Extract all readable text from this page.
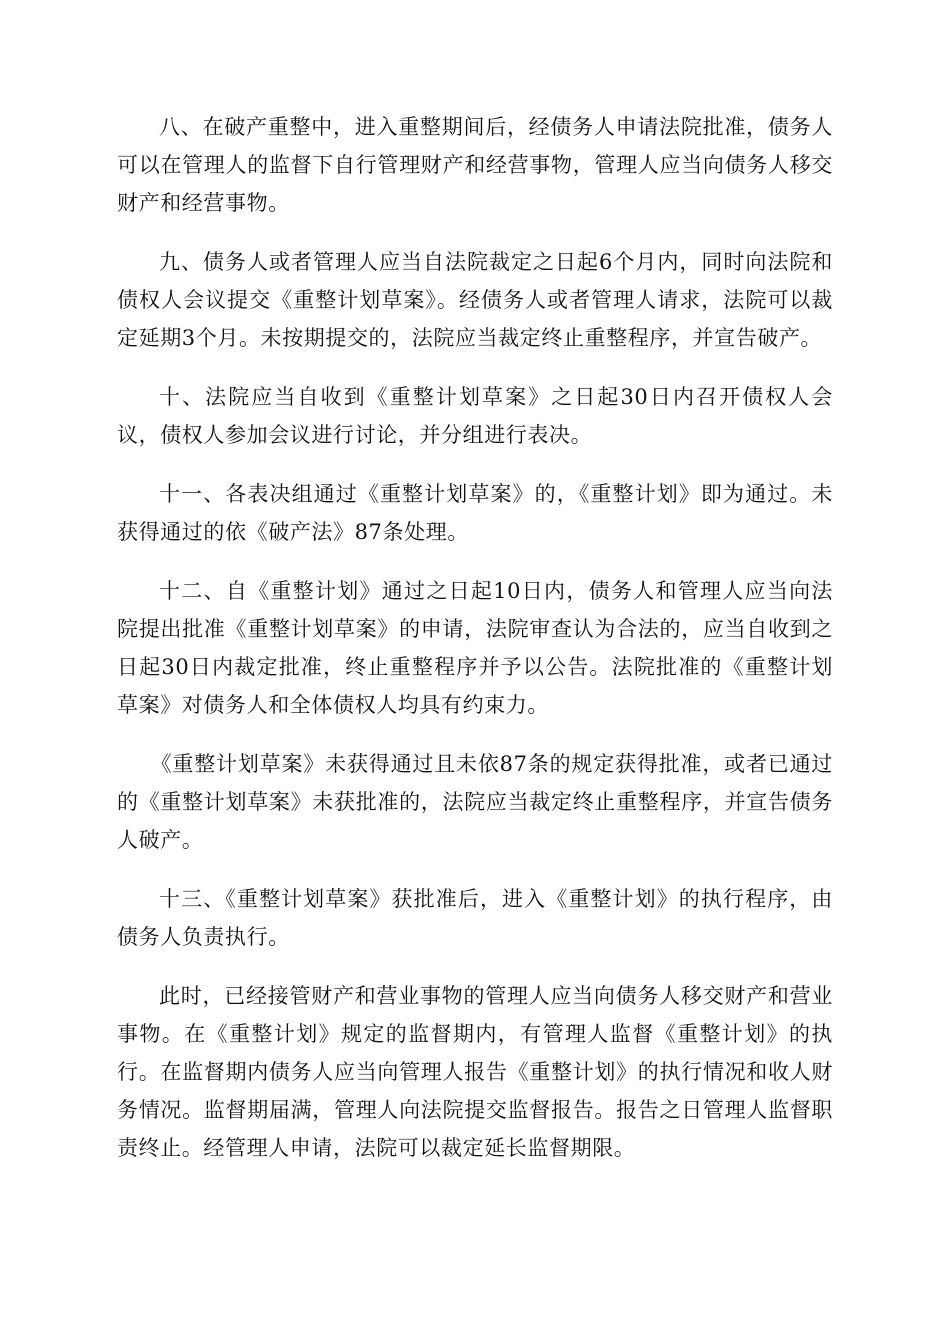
八、在破产重整中，进入重整期间后，经债务人申请法院批准，债务人可以在管理人的监督下自行管理财产和经营事物，管理人应当向债务人移交财产和经营事物。

九、债务人或者管理人应当自法院裁定之日起6个月内，同时向法院和债权人会议提交《重整计划草案》。经债务人或者管理人请求，法院可以裁定延期3个月。未按期提交的，法院应当裁定终止重整程序，并宣告破产。

十、法院应当自收到《重整计划草案》之日起30日内召开债权人会议，债权人参加会议进行讨论，并分组进行表决。

十一、各表决组通过《重整计划草案》的，《重整计划》即为通过。未获得通过的依《破产法》87条处理。

十二、自《重整计划》通过之日起10日内，债务人和管理人应当向法院提出批准《重整计划草案》的申请，法院审查认为合法的，应当自收到之日起30日内裁定批准，终止重整程序并予以公告。法院批准的《重整计划草案》对债务人和全体债权人均具有约束力。

《重整计划草案》未获得通过且未依87条的规定获得批准，或者已通过的《重整计划草案》未获批准的，法院应当裁定终止重整程序，并宣告债务人破产。

十三、《重整计划草案》获批准后，进入《重整计划》的执行程序，由债务人负责执行。

此时，已经接管财产和营业事物的管理人应当向债务人移交财产和营业事物。在《重整计划》规定的监督期内，有管理人监督《重整计划》的执行。在监督期内债务人应当向管理人报告《重整计划》的执行情况和收人财务情况。监督期届满，管理人向法院提交监督报告。报告之日管理人监督职责终止。经管理人申请，法院可以裁定延长监督期限。
